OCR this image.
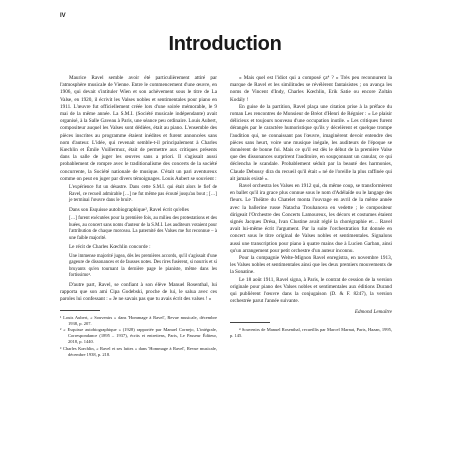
IV
Introduction

Maurice Ravel semble avoir été particulièrement attiré par l'atmosphère musicale de Vienne. Entre le commencement d'une œuvre, en 1906, qui devait s'intituler Wien et son achèvement sous le titre de La Valse, en 1920, il écrivit les Valses nobles et sentimentales pour piano en 1911. L'œuvre fut officiellement créée lors d'une soirée mémorable, le 9 mai de la même année. La S.M.I. (Société musicale indépendante) avait organisé, à la Salle Gaveau à Paris, une séance peu ordinaire. Louis Aubert, compositeur auquel les Valses sont dédiées, était au piano. L'ensemble des pièces inscrites au programme étaient inédites et furent annoncées sans nom d'auteur. L'idée, qui revenait semble-t-il principalement à Charles Kœchlin et Émile Vuillermoz, était de permettre aux critiques présents dans la salle de juger les œuvres sans a priori. Il s'agissait aussi probablement de rompre avec le traditionalisme des concerts de la société concurrente, la Société nationale de musique. C'était un pari aventureux comme on peut en juger par divers témoignages. Louis Aubert se souvient :

L'expérience fut un désastre. Dans cette S.M.I. qui était alors le fief de Ravel, ce recueil admirable […] ne fut même pas écouté jusqu'au bout ; […] je terminai l'œuvre dans le bruit¹.

Dans son Esquisse autobiographique², Ravel écrit qu'elles

[…] furent exécutées pour la première fois, au milieu des protestations et des huées, au concert sans noms d'auteur de la S.M.I. Les auditeurs votaient pour l'attribution de chaque morceau. La paternité des Valses me fut reconnue – à une faible majorité.

Le récit de Charles Kœchlin concorde :

Une immense majorité jugea, dès les premières accords, qu'il s'agissait d'une gageure de dissonances et de fausses notes. Des rires fusèrent, si nourris et si bruyants qu'en tournant la dernière page le pianiste, même dans les fortissimo³.

D'autre part, Ravel, se confiant à son élève Manuel Rosenthal, lui rapporta que son ami Cipa Godebski, proche de lui, le salua avec ces paroles lui confessant : « Je ne savais pas que tu avais écrit des valses ! »

¹ Louis Aubert, « Souvenirs » dans 'Hommage à Ravel', Revue musicale, décembre 1938, p. 207.

² « Esquisse autobiographique » (1928) rapportée par Manuel Cornejo, L'intégrale, Correspondance (1895 – 1937), écrits et entretiens, Paris, Le Passeur Éditeur, 2018, p. 1440.

³ Charles Kœchlin, « Ravel et ses luttes » dans 'Hommage à Ravel', Revue musicale, décembre 1938, p. 218.

« Mais quel est l'idiot qui a composé ça⁴ ? » Très peu reconnurent la marque de Ravel et les similitudes se révélèrent fantaisistes ; on avança les noms de Vincent d'Indy, Charles Kœchlin, Erik Satie ou encore Zoltán Kodály !

En guise de la partition, Ravel plaça une citation prise à la préface du roman Les rencontres de Monsieur de Bréot d'Henri de Régnier : « Le plaisir délicieux et toujours nouveau d'une occupation inutile. » Les critiques furent dérangés par le caractère humoristique qu'ils y décelèrent et quelque trompe l'audition qui, ne connaissant pas l'œuvre, imaginèrent devoir entendre des pièces sans heurt, voire une musique inégale, les auditeurs de l'époque se donnèrent de bonne foi. Mais ce qu'il est dès le début de la première Valse que des dissonances surprirent l'auditoire, en soupçonnant un canular, ce qui déclencha le scandale. Probablement séduit par la beauté des harmonies, Claude Debussy dira du recueil qu'il était « né de l'oreille la plus raffinée qui ait jamais existé ».

Ravel orchestra les Valses en 1912 qui, du même coup, se transformèrent en ballet qu'il ira grace plus connue sous le nom d'Adélaïde ou le langage des fleurs. Le Théâtre du Chatelet monta l'ouvrage en avril de la même année avec la ballerine russe Natacha Trouhanova en vedette ; le compositeur dirigeait l'Orchestre des Concerts Lamoureux, les décors et costumes étaient signés Jacques Drésa, Ivan Clustine avait réglé la chorégraphie et… Ravel avait lui-même écrit l'argument. Par la suite l'orchestration fut donnée en concert sous le titre original de Valses nobles et sentimentales. Signalons aussi une transcription pour piano à quatre mains due à Lucien Garban, ainsi qu'un arrangement pour petit orchestre d'un auteur inconnu.

Pour la compagnie Welte-Mignon Ravel enregistra, en novembre 1913, les Valses nobles et sentimentales ainsi que les deux premiers mouvements de la Sonatine.

Le 18 août 1911, Ravel signa, à Paris, le contrat de cession de la version originale pour piano des Valses nobles et sentimentales aux éditions Durand qui publièrent l'œuvre dans la conjugaison (D. & F. 8247), la version orchestrée parut l'année suivante.

Edmond Lemaître

⁴ Souvenirs de Manuel Rosenthal, recueillis par Marcel Marnat, Paris, Hazan, 1995, p. 145.
